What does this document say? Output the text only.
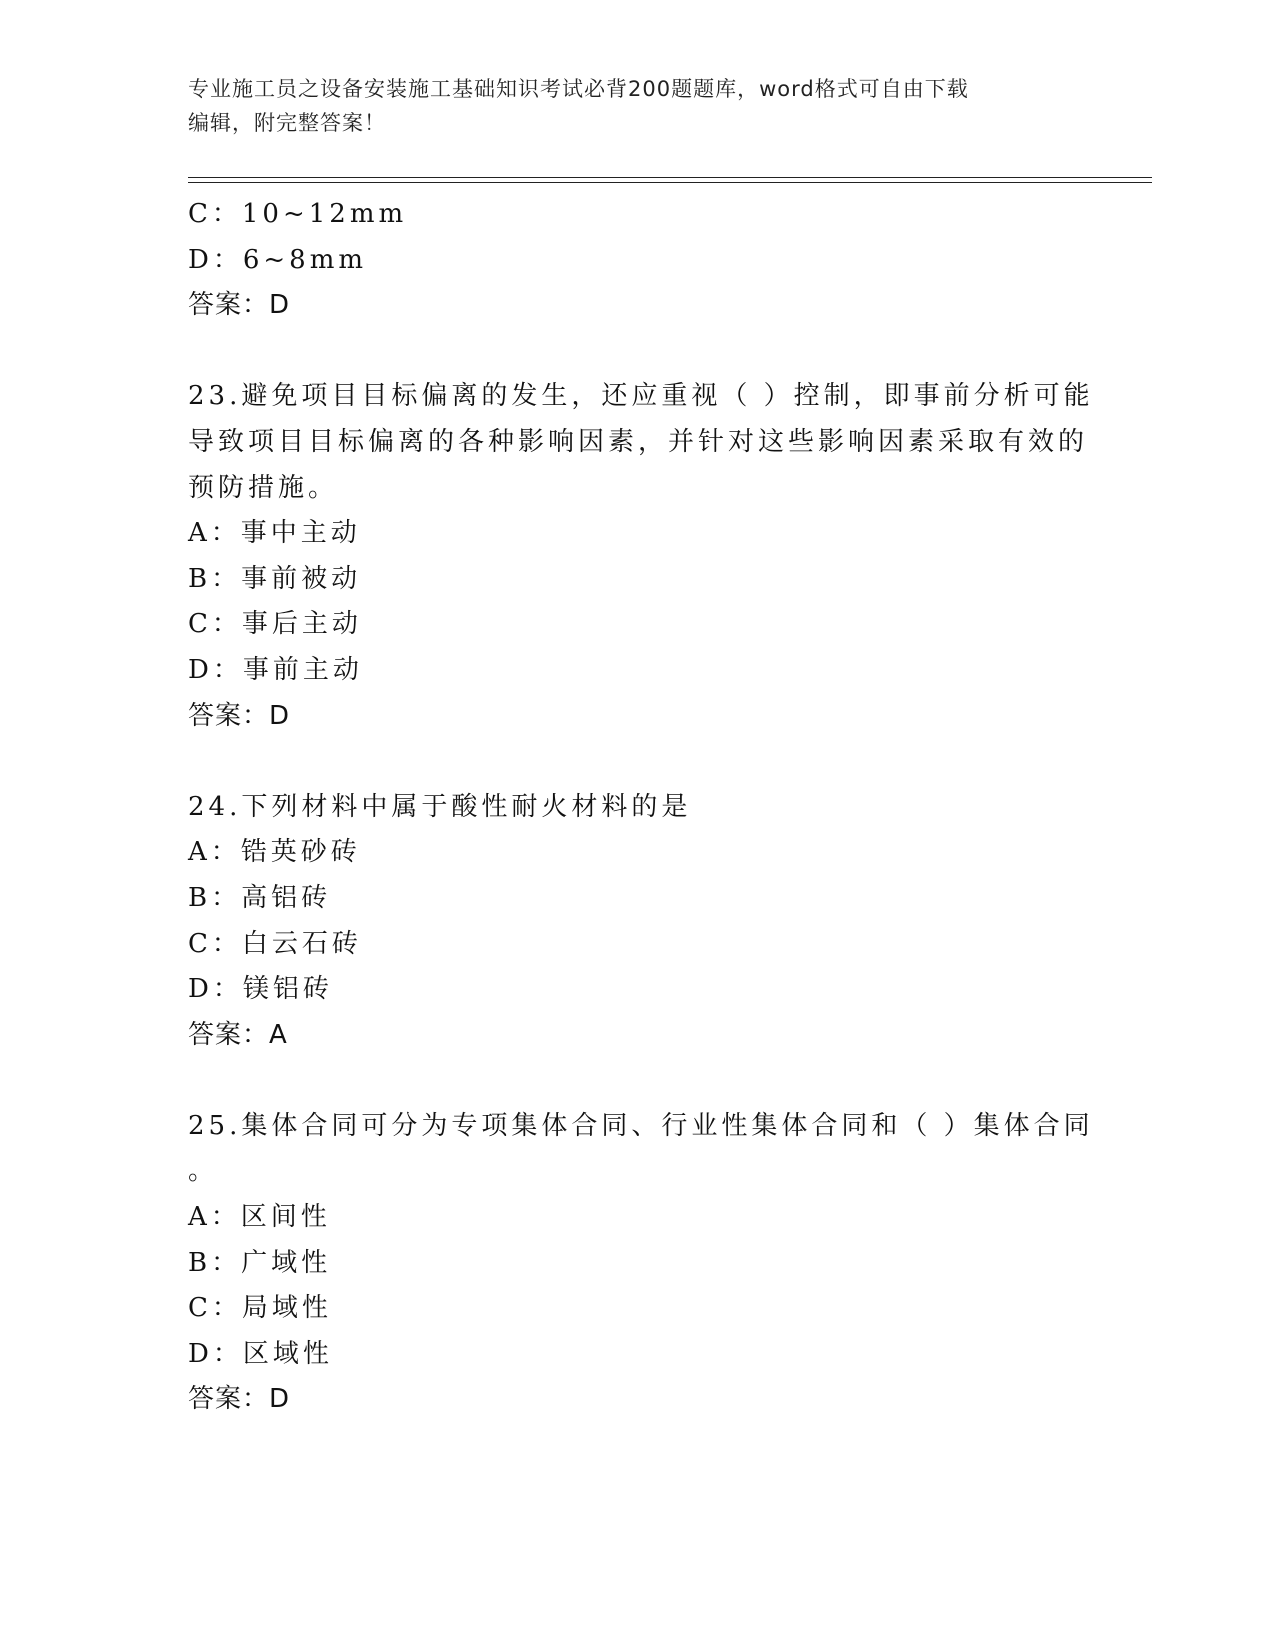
专业施工员之设备安装施工基础知识考试必背200题题库，word格式可自由下载
编辑，附完整答案！
C：10~12mm
D：6~8mm
答案：D
23.避免项目目标偏离的发生，还应重视（ ）控制，即事前分析可能
导致项目目标偏离的各种影响因素，并针对这些影响因素采取有效的
预防措施。
A：事中主动
B：事前被动
C：事后主动
D：事前主动
答案：D
24.下列材料中属于酸性耐火材料的是
A：锆英砂砖
B：高铝砖
C：白云石砖
D：镁铝砖
答案：A
25.集体合同可分为专项集体合同、行业性集体合同和（ ）集体合同
。
A：区间性
B：广域性
C：局域性
D：区域性
答案：D
